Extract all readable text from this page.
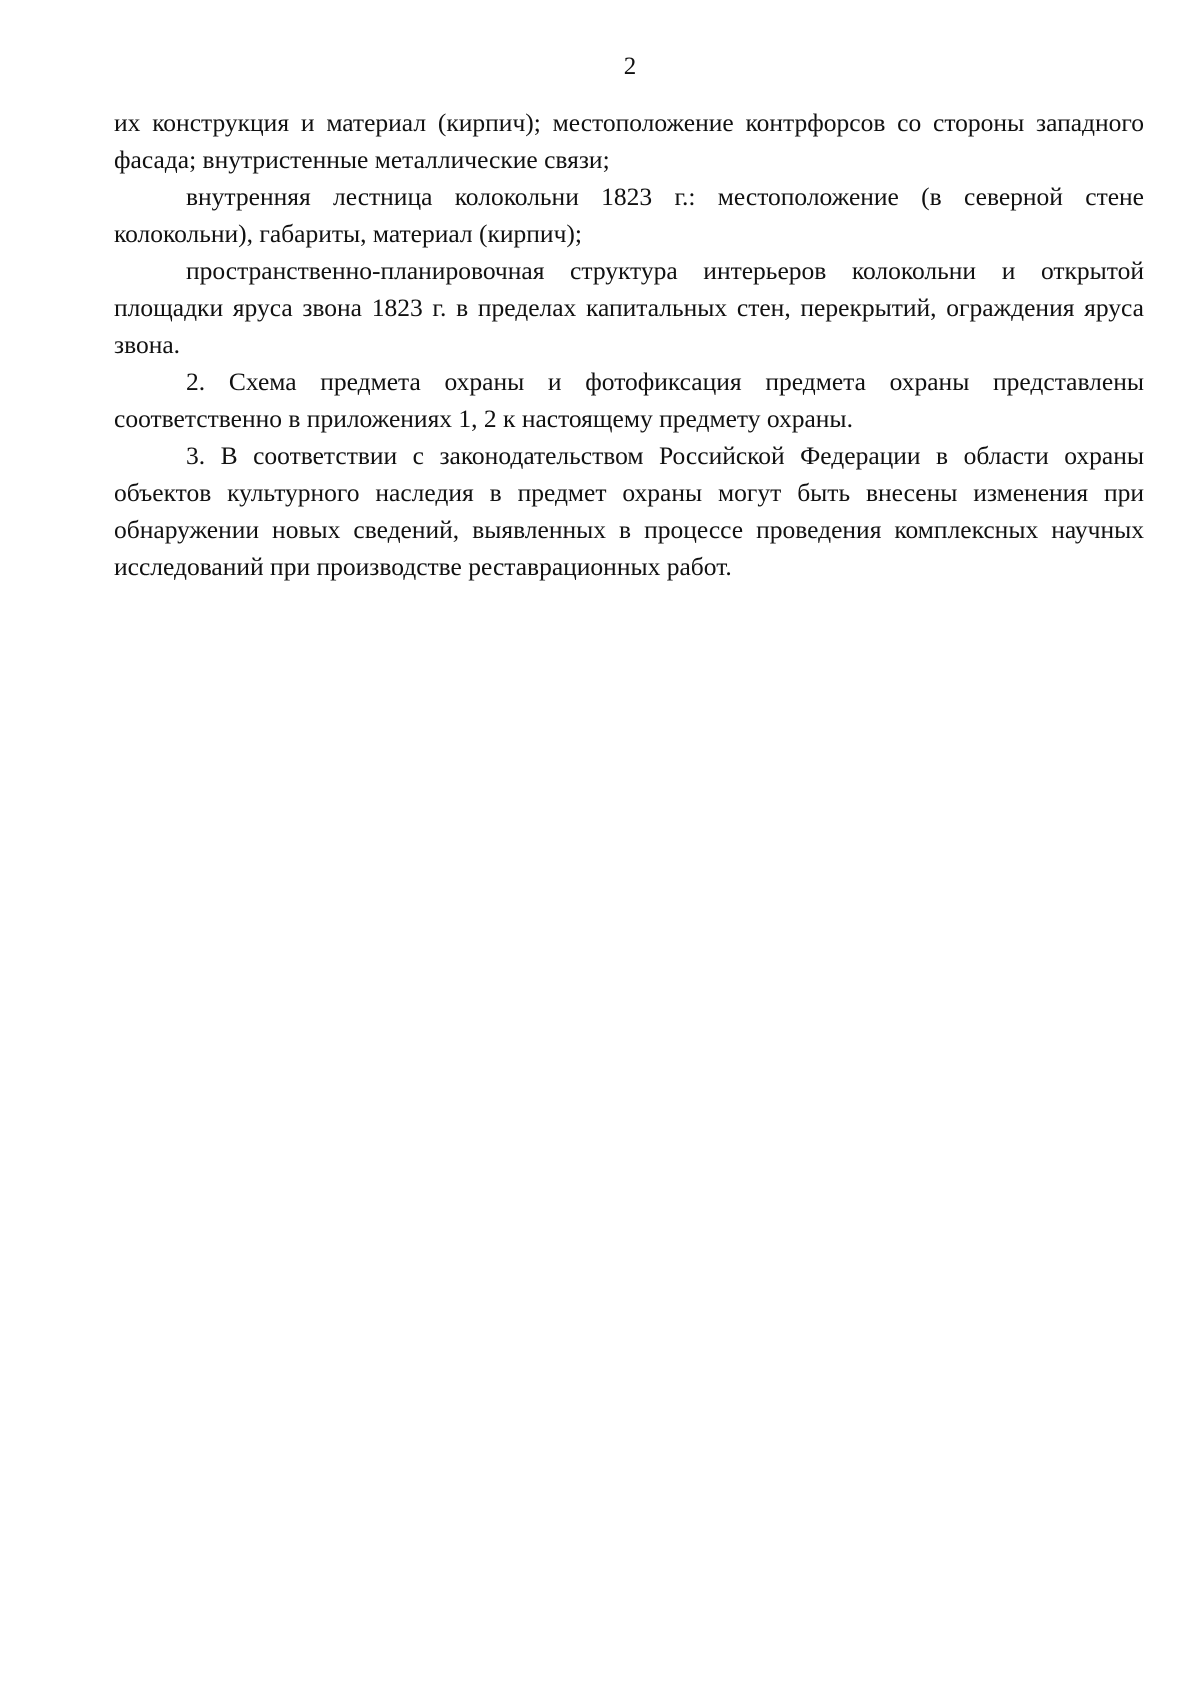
2

их конструкция и материал (кирпич); местоположение контрфорсов со стороны западного фасада; внутристенные металлические связи;

внутренняя лестница колокольни 1823 г.: местоположение (в северной стене колокольни), габариты, материал (кирпич);

пространственно-планировочная структура интерьеров колокольни и открытой площадки яруса звона 1823 г. в пределах капитальных стен, перекрытий, ограждения яруса звона.

2. Схема предмета охраны и фотофиксация предмета охраны представлены соответственно в приложениях 1, 2 к настоящему предмету охраны.

3. В соответствии с законодательством Российской Федерации в области охраны объектов культурного наследия в предмет охраны могут быть внесены изменения при обнаружении новых сведений, выявленных в процессе проведения комплексных научных исследований при производстве реставрационных работ.
